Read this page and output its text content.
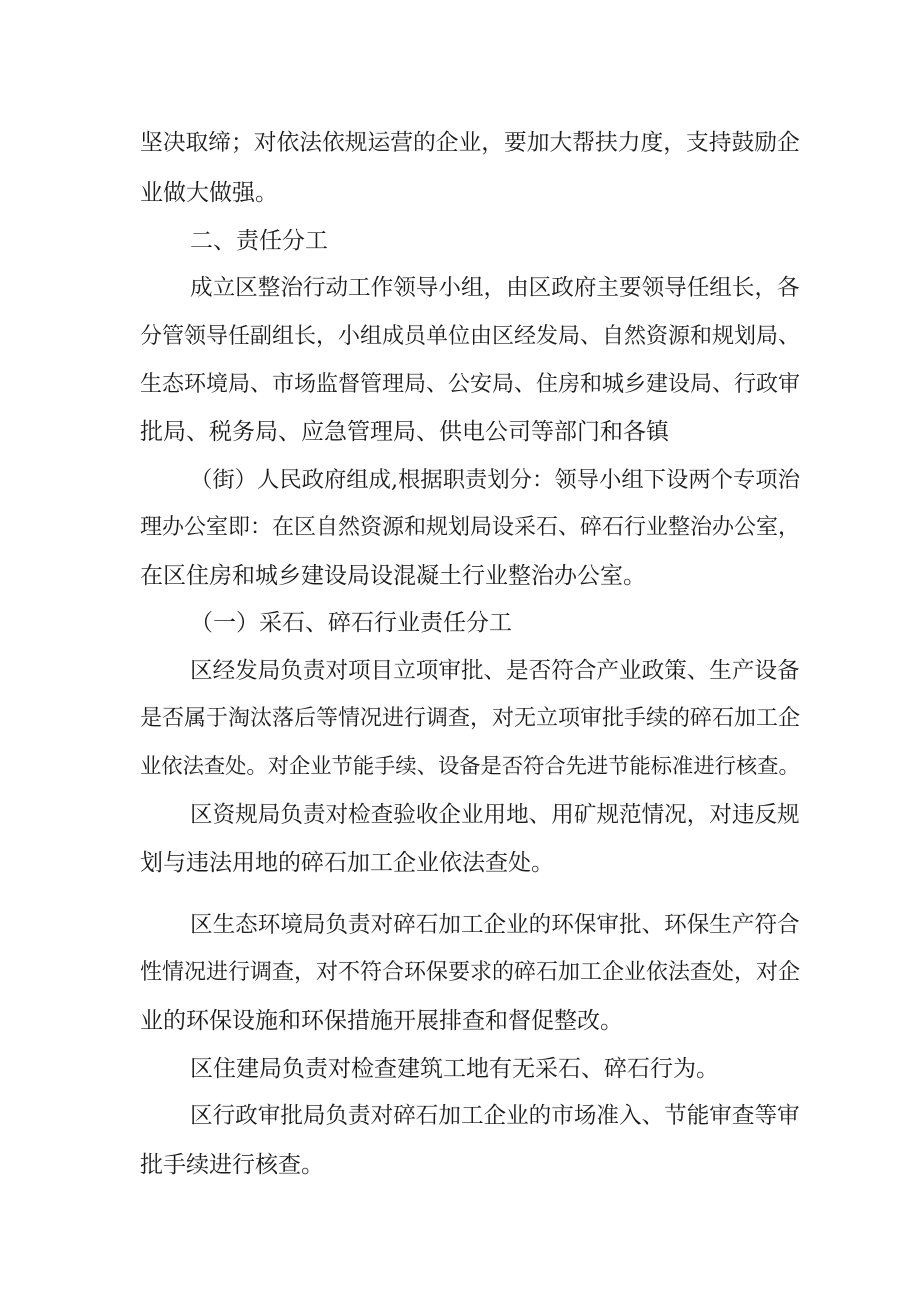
坚决取缔；对依法依规运营的企业，要加大帮扶力度，支持鼓励企

业做大做强。

二、责任分工

成立区整治行动工作领导小组，由区政府主要领导任组长，各

分管领导任副组长，小组成员单位由区经发局、自然资源和规划局、

生态环境局、市场监督管理局、公安局、住房和城乡建设局、行政审

批局、税务局、应急管理局、供电公司等部门和各镇

（街）人民政府组成,根据职责划分：领导小组下设两个专项治

理办公室即：在区自然资源和规划局设采石、碎石行业整治办公室，

在区住房和城乡建设局设混凝土行业整治办公室。

（一）采石、碎石行业责任分工

区经发局负责对项目立项审批、是否符合产业政策、生产设备

是否属于淘汰落后等情况进行调查，对无立项审批手续的碎石加工企

业依法查处。对企业节能手续、设备是否符合先进节能标准进行核查。

区资规局负责对检查验收企业用地、用矿规范情况，对违反规

划与违法用地的碎石加工企业依法查处。

区生态环境局负责对碎石加工企业的环保审批、环保生产符合

性情况进行调查，对不符合环保要求的碎石加工企业依法查处，对企

业的环保设施和环保措施开展排查和督促整改。

区住建局负责对检查建筑工地有无采石、碎石行为。

区行政审批局负责对碎石加工企业的市场准入、节能审查等审

批手续进行核查。
